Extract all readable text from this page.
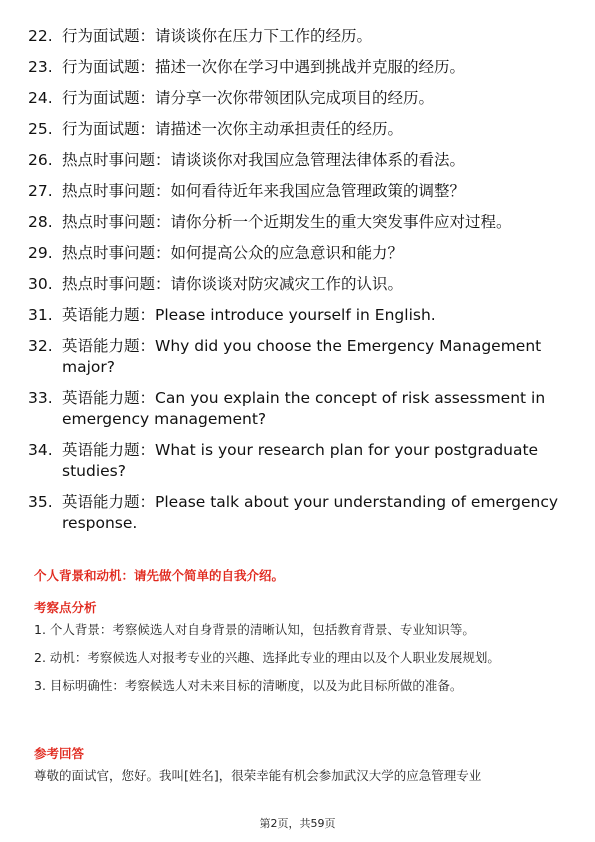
22. 行为面试题：请谈谈你在压力下工作的经历。
23. 行为面试题：描述一次你在学习中遇到挑战并克服的经历。
24. 行为面试题：请分享一次你带领团队完成项目的经历。
25. 行为面试题：请描述一次你主动承担责任的经历。
26. 热点时事问题：请谈谈你对我国应急管理法律体系的看法。
27. 热点时事问题：如何看待近年来我国应急管理政策的调整？
28. 热点时事问题：请你分析一个近期发生的重大突发事件应对过程。
29. 热点时事问题：如何提高公众的应急意识和能力？
30. 热点时事问题：请你谈谈对防灾减灾工作的认识。
31. 英语能力题：Please introduce yourself in English.
32. 英语能力题：Why did you choose the Emergency Management major?
33. 英语能力题：Can you explain the concept of risk assessment in emergency management?
34. 英语能力题：What is your research plan for your postgraduate studies?
35. 英语能力题：Please talk about your understanding of emergency response.
个人背景和动机：请先做个简单的自我介绍。
考察点分析
1. 个人背景：考察候选人对自身背景的清晰认知，包括教育背景、专业知识等。
2. 动机：考察候选人对报考专业的兴趣、选择此专业的理由以及个人职业发展规划。
3. 目标明确性：考察候选人对未来目标的清晰度，以及为此目标所做的准备。
参考回答
尊敬的面试官，您好。我叫[姓名]，很荣幸能有机会参加武汉大学的应急管理专业
第2页，共59页
